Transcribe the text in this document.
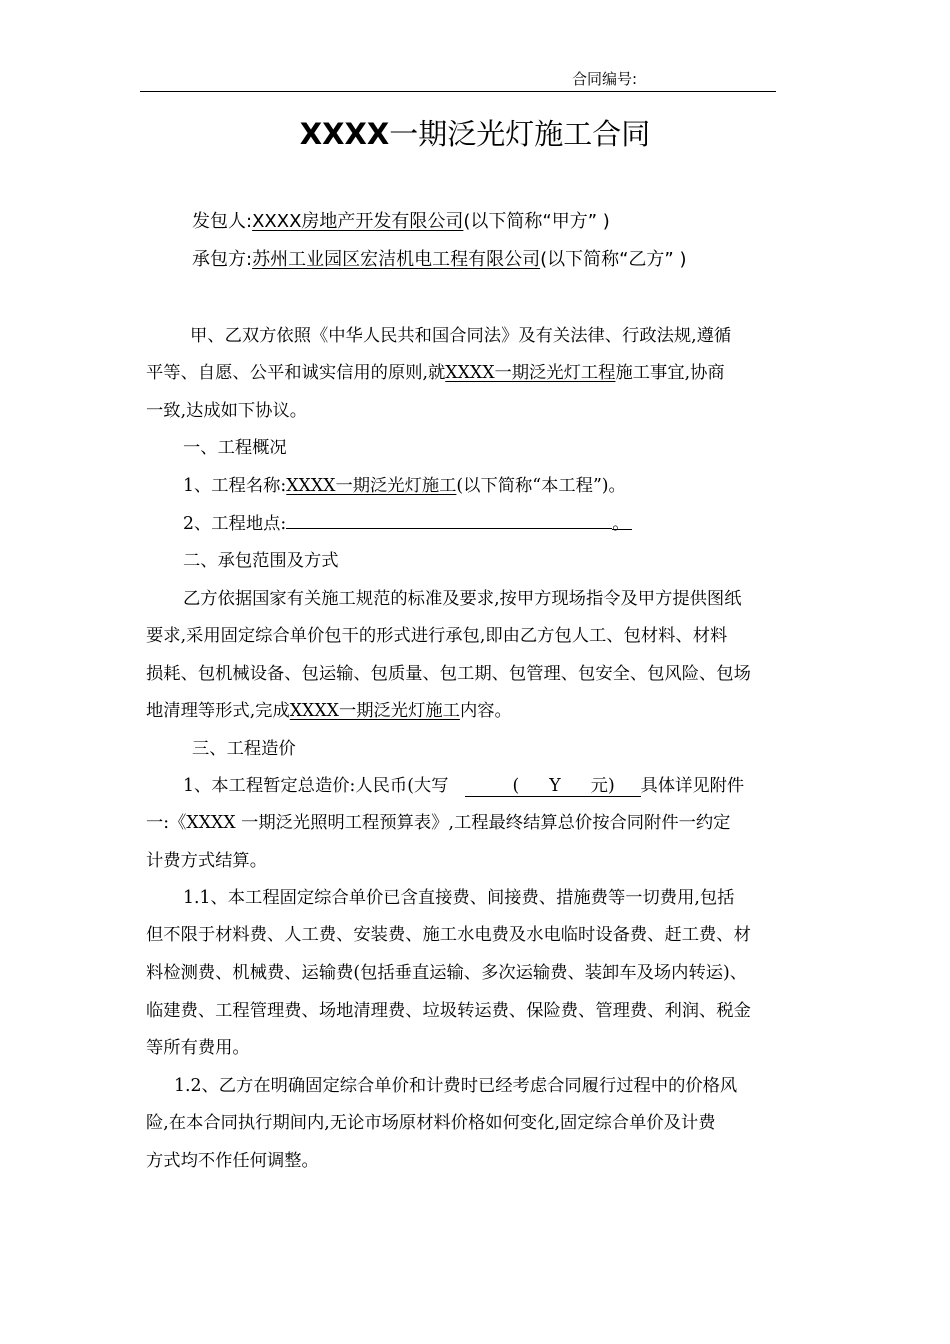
合同编号:
XXXX一期泛光灯施工合同
发包人:XXXX房地产开发有限公司(以下简称“甲方” )
承包方:苏州工业园区宏洁机电工程有限公司(以下简称“乙方” )
甲、乙双方依照《中华人民共和国合同法》及有关法律、行政法规,遵循
平等、自愿、公平和诚实信用的原则,就XXXX一期泛光灯工程施工事宜,协商
一致,达成如下协议。
一、工程概况
1、工程名称:XXXX一期泛光灯施工(以下简称“本工程”)。
2、工程地点:	。
二、承包范围及方式
乙方依据国家有关施工规范的标准及要求,按甲方现场指令及甲方提供图纸
要求,采用固定综合单价包干的形式进行承包,即由乙方包人工、包材料、材料
损耗、包机械设备、包运输、包质量、包工期、包管理、包安全、包风险、包场
地清理等形式,完成XXXX一期泛光灯施工内容。
三、工程造价
1、本工程暂定总造价:人民币(大写	( Y 元) 具体详见附件
一:《XXXX 一期泛光照明工程预算表》,工程最终结算总价按合同附件一约定
计费方式结算。
1.1、本工程固定综合单价已含直接费、间接费、措施费等一切费用,包括
但不限于材料费、人工费、安装费、施工水电费及水电临时设备费、赶工费、材
料检测费、机械费、运输费(包括垂直运输、多次运输费、装卸车及场内转运)、
临建费、工程管理费、场地清理费、垃圾转运费、保险费、管理费、利润、税金
等所有费用。
1.2、乙方在明确固定综合单价和计费时已经考虑合同履行过程中的价格风
险,在本合同执行期间内,无论市场原材料价格如何变化,固定综合单价及计费
方式均不作任何调整。
